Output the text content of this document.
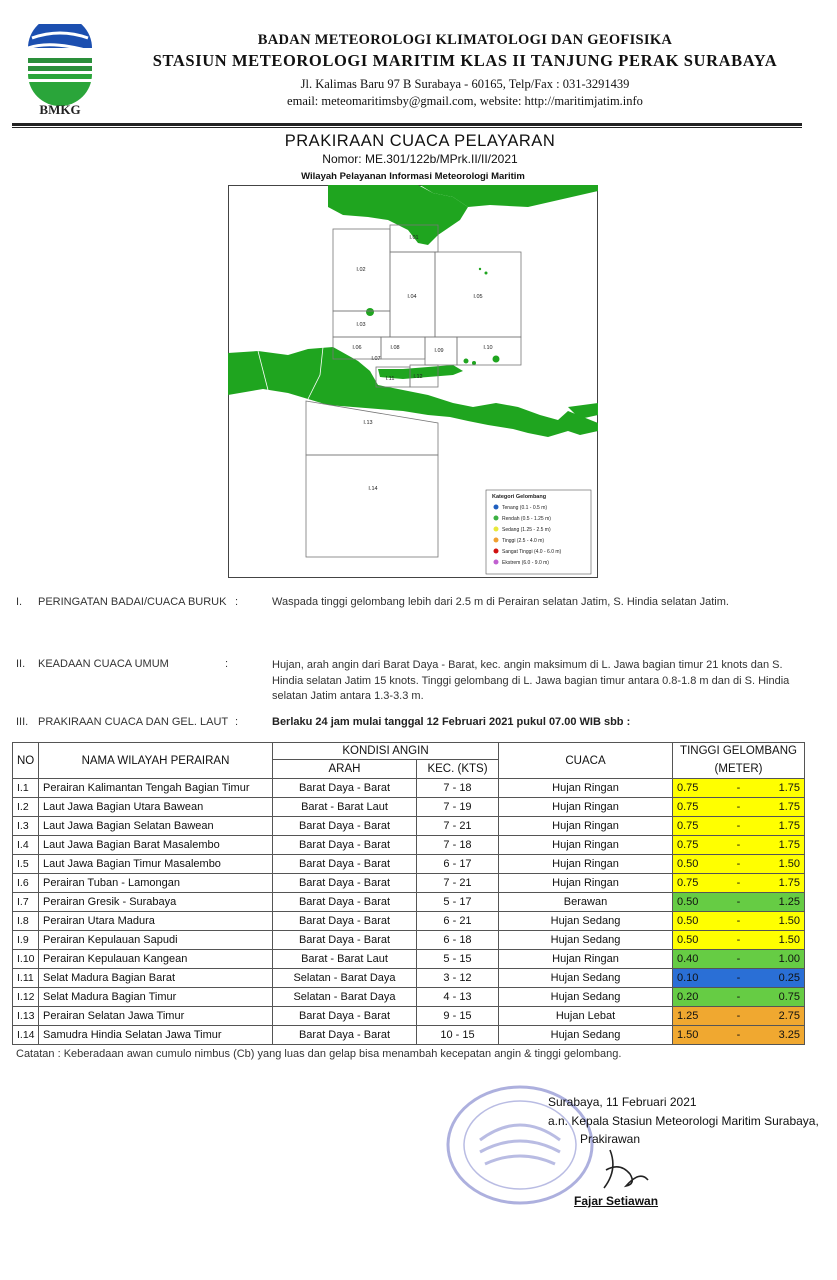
BMKG
BADAN METEOROLOGI KLIMATOLOGI DAN GEOFISIKA
STASIUN METEOROLOGI MARITIM KLAS II TANJUNG PERAK SURABAYA
Jl. Kalimas Baru 97 B Surabaya - 60165, Telp/Fax : 031-3291439
email: meteomaritimsby@gmail.com, website: http://maritimjatim.info
PRAKIRAAN CUACA PELAYARAN
Nomor: ME.301/122b/MPrk.II/II/2021
Wilayah Pelayanan Informasi Meteorologi Maritim
I.01
I.02
I.03
I.04	I.05
I.06
I.07
I.08	I.09	I.10
I.11	I.12
I.13
I.14
Kategori Gelombang
Tenang (0.1 - 0.5 m)
Rendah (0.5 - 1.25 m)
Sedang (1.25 - 2.5 m)
Tinggi (2.5 - 4.0 m)
Sangat Tinggi (4.0 - 6.0 m)
Ekstrem (6.0 - 9.0 m)
I. PERINGATAN BADAI/CUACA BURUK :	Waspada tinggi gelombang lebih dari 2.5 m di Perairan selatan Jatim, S. Hindia selatan Jatim.
II. KEADAAN CUACA UMUM	:	Hujan, arah angin dari Barat Daya - Barat, kec. angin maksimum di L. Jawa bagian timur 21 knots dan S. Hindia selatan Jatim 15 knots. Tinggi gelombang di L. Jawa bagian timur antara 0.8-1.8 m dan di S. Hindia selatan Jatim antara 1.3-3.3 m.
III. PRAKIRAAN CUACA DAN GEL. LAUT :	Berlaku 24 jam mulai tanggal 12 Februari 2021 pukul 07.00 WIB sbb :
NO	NAMA WILAYAH PERAIRAN	KONDISI ANGIN		CUACA	TINGGI GELOMBANG		
		ARAH	KEC. (KTS)		(METER)		
I.1	Perairan Kalimantan Tengah Bagian Timur	Barat Daya - Barat	7 - 18	Hujan Ringan	0.75	-	1.75
I.2	Laut Jawa Bagian Utara Bawean	Barat - Barat Laut	7 - 19	Hujan Ringan	0.75	-	1.75
I.3	Laut Jawa Bagian Selatan Bawean	Barat Daya - Barat	7 - 21	Hujan Ringan	0.75	-	1.75
I.4	Laut Jawa Bagian Barat Masalembo	Barat Daya - Barat	7 - 18	Hujan Ringan	0.75	-	1.75
I.5	Laut Jawa Bagian Timur Masalembo	Barat Daya - Barat	6 - 17	Hujan Ringan	0.50	-	1.50
I.6	Perairan Tuban - Lamongan	Barat Daya - Barat	7 - 21	Hujan Ringan	0.75	-	1.75
I.7	Perairan Gresik - Surabaya	Barat Daya - Barat	5 - 17	Berawan	0.50	-	1.25
I.8	Perairan Utara Madura	Barat Daya - Barat	6 - 21	Hujan Sedang	0.50	-	1.50
I.9	Perairan Kepulauan Sapudi	Barat Daya - Barat	6 - 18	Hujan Sedang	0.50	-	1.50
I.10	Perairan Kepulauan Kangean	Barat - Barat Laut	5 - 15	Hujan Ringan	0.40	-	1.00
I.11	Selat Madura Bagian Barat	Selatan - Barat Daya	3 - 12	Hujan Sedang	0.10	-	0.25
I.12	Selat Madura Bagian Timur	Selatan - Barat Daya	4 - 13	Hujan Sedang	0.20	-	0.75
I.13	Perairan Selatan Jawa Timur	Barat Daya - Barat	9 - 15	Hujan Lebat	1.25	-	2.75
I.14	Samudra Hindia Selatan Jawa Timur	Barat Daya - Barat	10 - 15	Hujan Sedang	1.50	-	3.25
Catatan : Keberadaan awan cumulo nimbus (Cb) yang luas dan gelap bisa menambah kecepatan angin & tinggi gelombang.
Surabaya, 11 Februari 2021
a.n. Kepala Stasiun Meteorologi Maritim Surabaya,
Prakirawan
Fajar Setiawan
